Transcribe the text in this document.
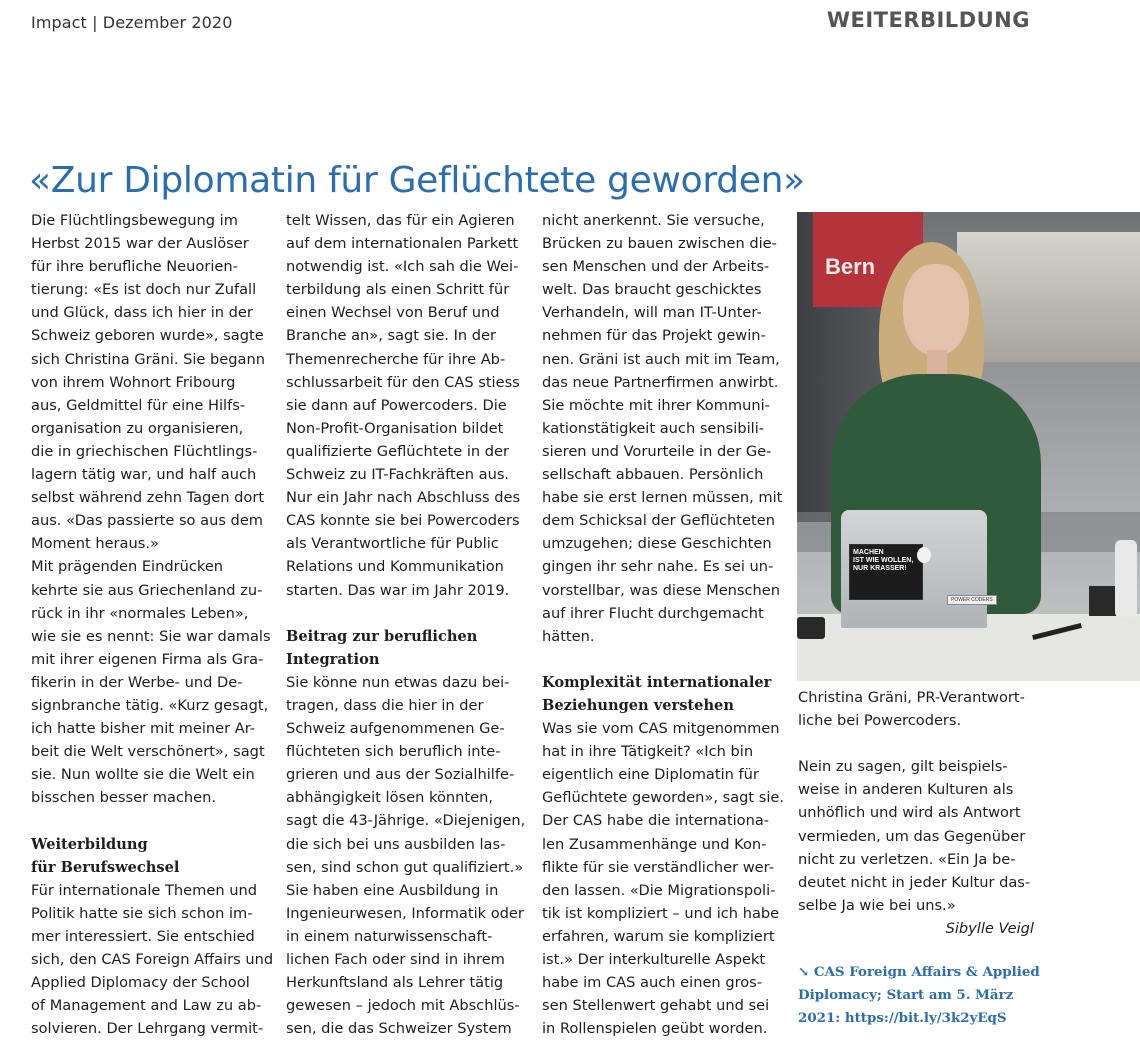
Impact | Dezember 2020	WEITERBILDUNG
«Zur Diplomatin für Geflüchtete geworden»
Die Flüchtlingsbewegung im
Herbst 2015 war der Auslöser
für ihre berufliche Neuorien-
tierung: «Es ist doch nur Zufall
und Glück, dass ich hier in der
Schweiz geboren wurde», sagte
sich Christina Gräni. Sie begann
von ihrem Wohnort Fribourg
aus, Geldmittel für eine Hilfs-
organisation zu organisieren,
die in griechischen Flüchtlings-
lagern tätig war, und half auch
selbst während zehn Tagen dort
aus. «Das passierte so aus dem
Moment heraus.»
Mit prägenden Eindrücken
kehrte sie aus Griechenland zu-
rück in ihr «normales Leben»,
wie sie es nennt: Sie war damals
mit ihrer eigenen Firma als Gra-
fikerin in der Werbe- und De-
signbranche tätig. «Kurz gesagt,
ich hatte bisher mit meiner Ar-
beit die Welt verschönert», sagt
sie. Nun wollte sie die Welt ein
bisschen besser machen.
Weiterbildung
für Berufswechsel
Für internationale Themen und
Politik hatte sie sich schon im-
mer interessiert. Sie entschied
sich, den CAS Foreign Affairs und
Applied Diplomacy der School
of Management and Law zu ab-
solvieren. Der Lehrgang vermit-
telt Wissen, das für ein Agieren
auf dem internationalen Parkett
notwendig ist. «Ich sah die Wei-
terbildung als einen Schritt für
einen Wechsel von Beruf und
Branche an», sagt sie. In der
Themenrecherche für ihre Ab-
schlussarbeit für den CAS stiess
sie dann auf Powercoders. Die
Non-Profit-Organisation bildet
qualifizierte Geflüchtete in der
Schweiz zu IT-Fachkräften aus.
Nur ein Jahr nach Abschluss des
CAS konnte sie bei Powercoders
als Verantwortliche für Public
Relations und Kommunikation
starten. Das war im Jahr 2019.
Beitrag zur beruflichen
Integration
Sie könne nun etwas dazu bei-
tragen, dass die hier in der
Schweiz aufgenommenen Ge-
flüchteten sich beruflich inte-
grieren und aus der Sozialhilfe-
abhängigkeit lösen könnten,
sagt die 43-Jährige. «Diejenigen,
die sich bei uns ausbilden las-
sen, sind schon gut qualifiziert.»
Sie haben eine Ausbildung in
Ingenieurwesen, Informatik oder
in einem naturwissenschaft-
lichen Fach oder sind in ihrem
Herkunftsland als Lehrer tätig
gewesen – jedoch mit Abschlüs-
sen, die das Schweizer System
nicht anerkennt. Sie versuche,
Brücken zu bauen zwischen die-
sen Menschen und der Arbeits-
welt. Das braucht geschicktes
Verhandeln, will man IT-Unter-
nehmen für das Projekt gewin-
nen. Gräni ist auch mit im Team,
das neue Partnerfirmen anwirbt.
Sie möchte mit ihrer Kommuni-
kationstätigkeit auch sensibili-
sieren und Vorurteile in der Ge-
sellschaft abbauen. Persönlich
habe sie erst lernen müssen, mit
dem Schicksal der Geflüchteten
umzugehen; diese Geschichten
gingen ihr sehr nahe. Es sei un-
vorstellbar, was diese Menschen
auf ihrer Flucht durchgemacht
hätten.
Komplexität internationaler
Beziehungen verstehen
Was sie vom CAS mitgenommen
hat in ihre Tätigkeit? «Ich bin
eigentlich eine Diplomatin für
Geflüchtete geworden», sagt sie.
Der CAS habe die internationa-
len Zusammenhänge und Kon-
flikte für sie verständlicher wer-
den lassen. «Die Migrationspoli-
tik ist kompliziert – und ich habe
erfahren, warum sie kompliziert
ist.» Der interkulturelle Aspekt
habe im CAS auch einen gros-
sen Stellenwert gehabt und sei
in Rollenspielen geübt worden.
Bern
MACHEN
IST WIE WOLLEN,
NUR KRASSER!
POWER CODERS
Christina Gräni, PR-Verantwort-
liche bei Powercoders.
Nein zu sagen, gilt beispiels-
weise in anderen Kulturen als
unhöflich und wird als Antwort
vermieden, um das Gegenüber
nicht zu verletzen. «Ein Ja be-
deutet nicht in jeder Kultur das-
selbe Ja wie bei uns.»
Sibylle Veigl
↘ CAS Foreign Affairs & Applied
Diplomacy; Start am 5. März
2021: https://bit.ly/3k2yEqS
